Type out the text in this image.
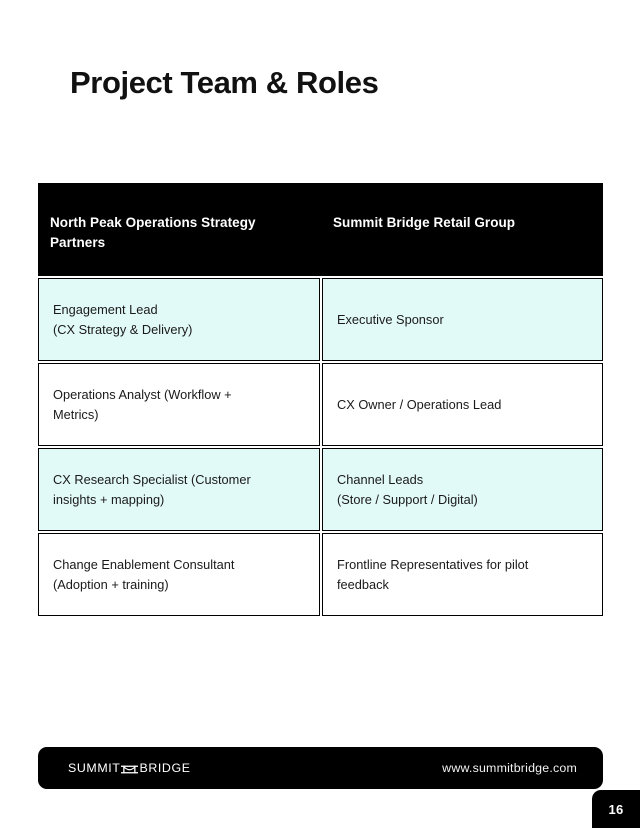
Project Team & Roles
North Peak Operations Strategy Partners
Summit Bridge Retail Group
Engagement Lead
(CX Strategy & Delivery)
Executive Sponsor
Operations Analyst (Workflow +
Metrics)
CX Owner / Operations Lead
CX Research Specialist (Customer
insights + mapping)
Channel Leads
(Store / Support / Digital)
Change Enablement Consultant
(Adoption + training)
Frontline Representatives for pilot
feedback
SUMMIT BRIDGE	www.summitbridge.com
16
